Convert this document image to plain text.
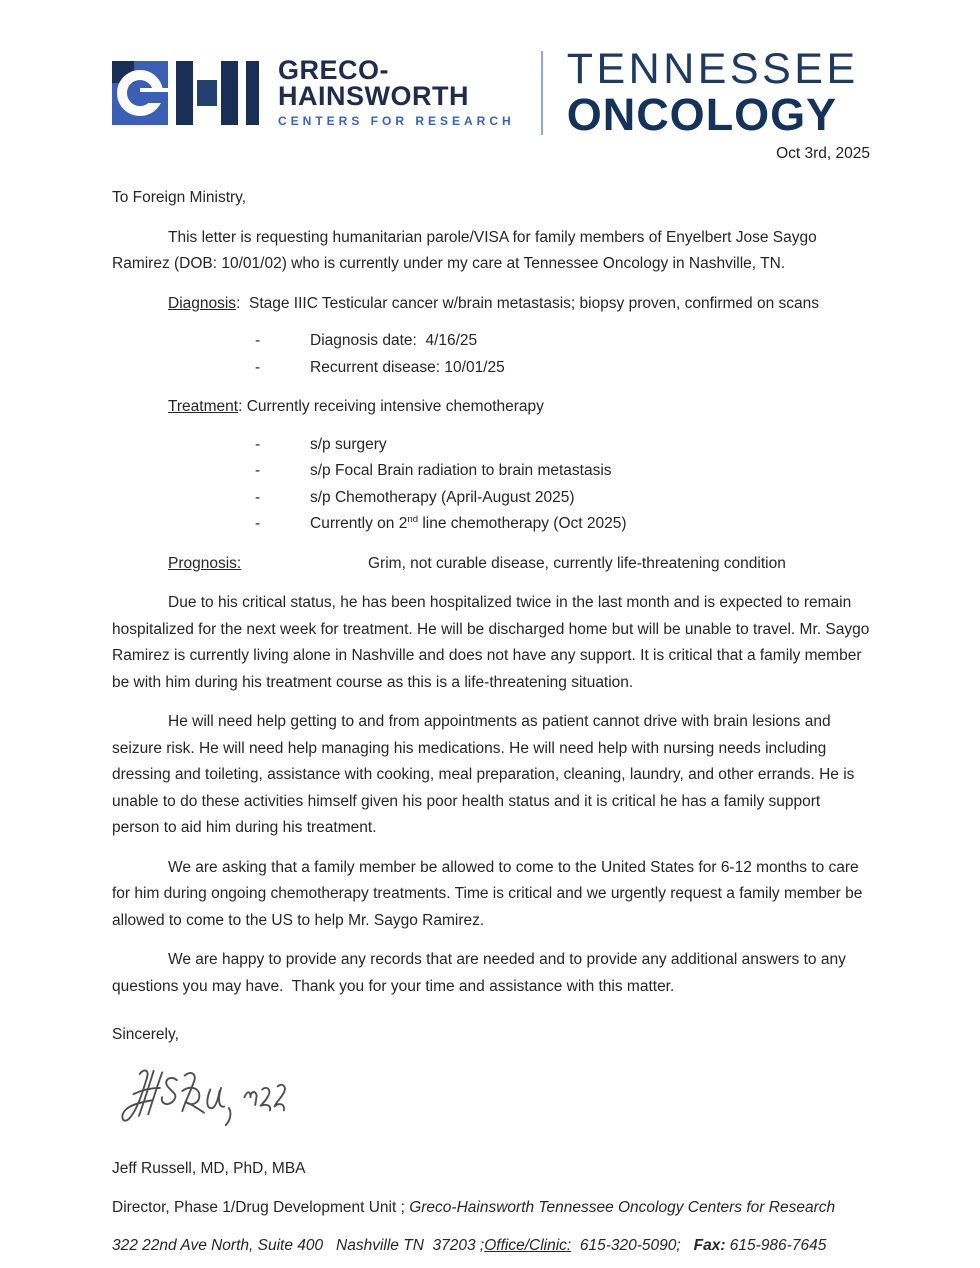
GRECO-
HAINSWORTH
CENTERS FOR RESEARCH
TENNESSEE
ONCOLOGY
Oct 3rd, 2025
To Foreign Ministry,

This letter is requesting humanitarian parole/VISA for family members of Enyelbert Jose Saygo Ramirez (DOB: 10/01/02) who is currently under my care at Tennessee Oncology in Nashville, TN.

Diagnosis:  Stage IIIC Testicular cancer w/brain metastasis; biopsy proven, confirmed on scans
-	Diagnosis date:  4/16/25
-	Recurrent disease: 10/01/25
Treatment: Currently receiving intensive chemotherapy
-	s/p surgery
-	s/p Focal Brain radiation to brain metastasis
-	s/p Chemotherapy (April-August 2025)
-	Currently on 2nd line chemotherapy (Oct 2025)
Prognosis:	Grim, not curable disease, currently life-threatening condition

Due to his critical status, he has been hospitalized twice in the last month and is expected to remain hospitalized for the next week for treatment. He will be discharged home but will be unable to travel. Mr. Saygo Ramirez is currently living alone in Nashville and does not have any support. It is critical that a family member be with him during his treatment course as this is a life-threatening situation.

He will need help getting to and from appointments as patient cannot drive with brain lesions and seizure risk. He will need help managing his medications. He will need help with nursing needs including dressing and toileting, assistance with cooking, meal preparation, cleaning, laundry, and other errands. He is unable to do these activities himself given his poor health status and it is critical he has a family support person to aid him during his treatment.

We are asking that a family member be allowed to come to the United States for 6-12 months to care for him during ongoing chemotherapy treatments. Time is critical and we urgently request a family member be allowed to come to the US to help Mr. Saygo Ramirez.

We are happy to provide any records that are needed and to provide any additional answers to any questions you may have.  Thank you for your time and assistance with this matter.

Sincerely,
Jeff Russell, MD, PhD, MBA
Director, Phase 1/Drug Development Unit ; Greco-Hainsworth Tennessee Oncology Centers for Research
322 22nd Ave North, Suite 400   Nashville TN  37203 ;Office/Clinic:  615-320-5090;   Fax: 615-986-7645
